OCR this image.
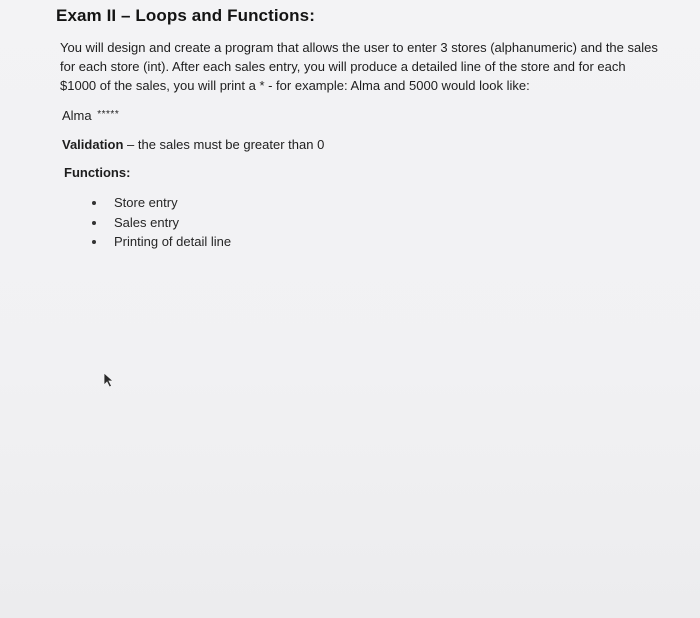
Exam II – Loops and Functions:
You will design and create a program that allows the user to enter 3 stores (alphanumeric) and the sales
for each store (int). After each sales entry, you will produce a detailed line of the store and for each
$1000 of the sales, you will print a * - for example: Alma and 5000 would look like:
Alma *****
Validation – the sales must be greater than 0
Functions:
Store entry
Sales entry
Printing of detail line
